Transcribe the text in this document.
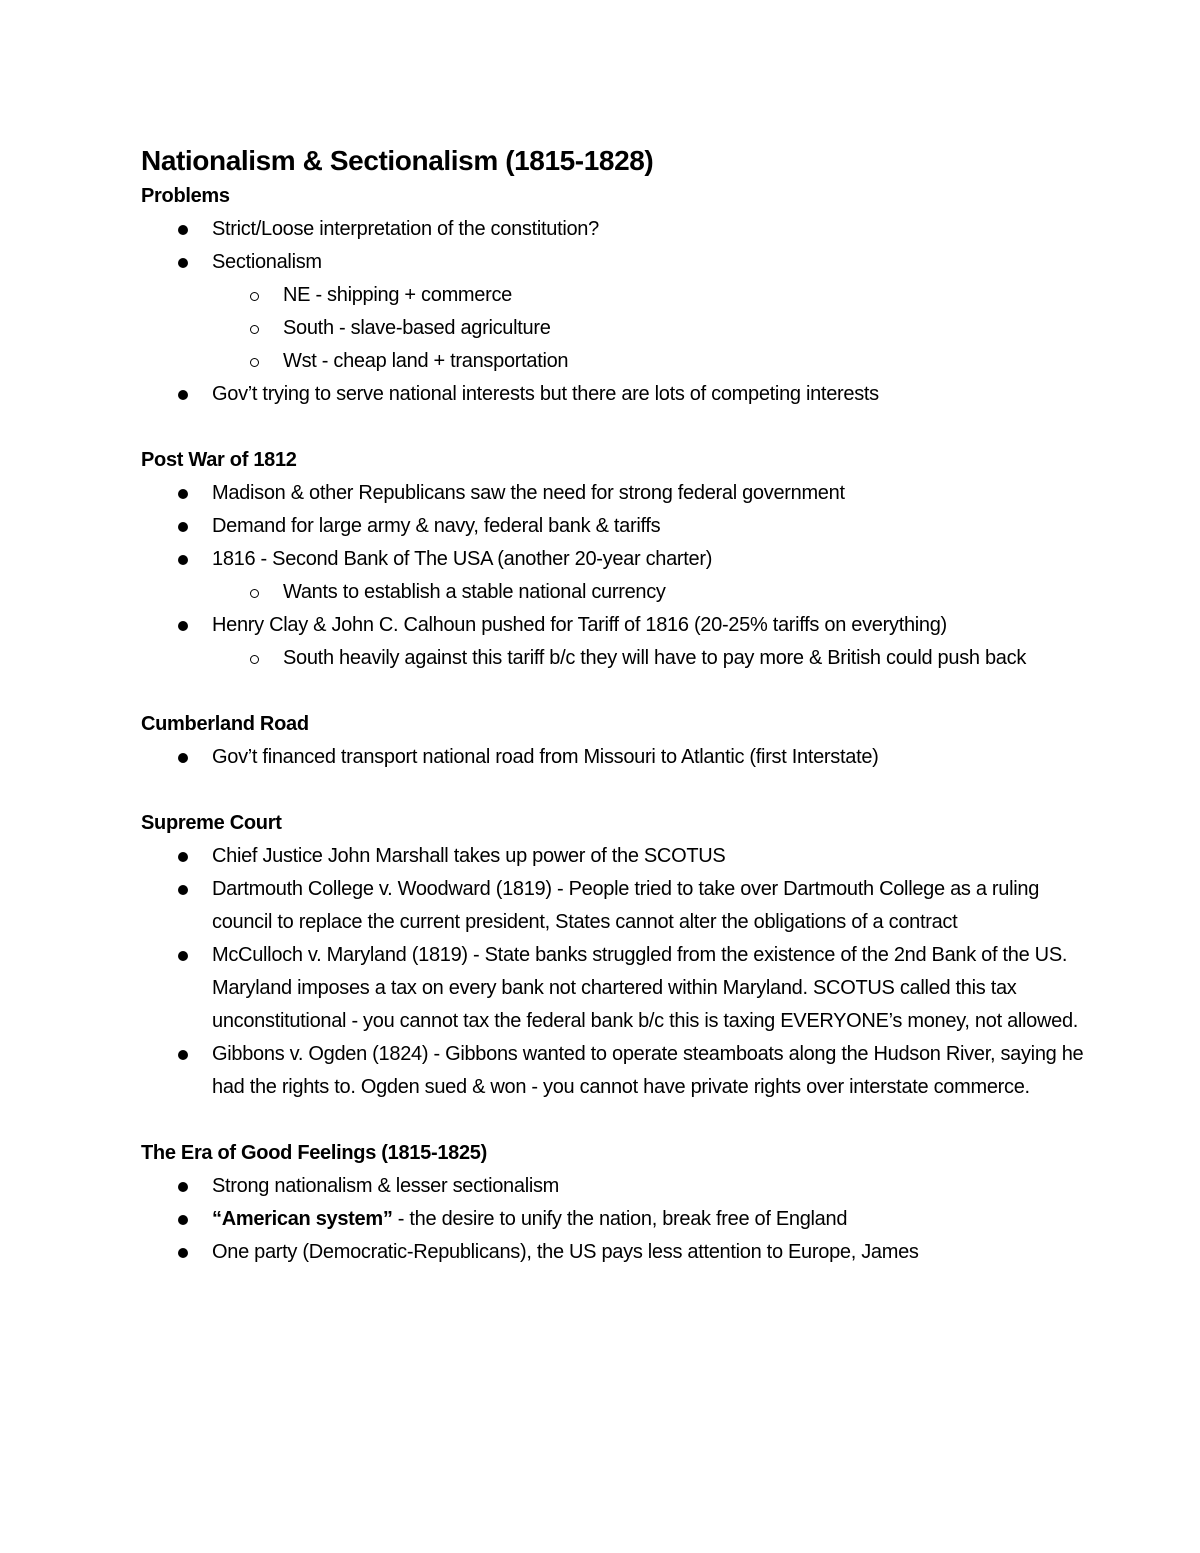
Nationalism & Sectionalism (1815-1828)
Problems
Strict/Loose interpretation of the constitution?
Sectionalism
NE - shipping + commerce
South - slave-based agriculture
Wst - cheap land + transportation
Gov’t trying to serve national interests but there are lots of competing interests
Post War of 1812
Madison & other Republicans saw the need for strong federal government
Demand for large army & navy, federal bank & tariffs
1816 - Second Bank of The USA (another 20-year charter)
Wants to establish a stable national currency
Henry Clay & John C. Calhoun pushed for Tariff of 1816 (20-25% tariffs on everything)
South heavily against this tariff b/c they will have to pay more & British could push back
Cumberland Road
Gov’t financed transport national road from Missouri to Atlantic (first Interstate)
Supreme Court
Chief Justice John Marshall takes up power of the SCOTUS
Dartmouth College v. Woodward (1819) - People tried to take over Dartmouth College as a ruling council to replace the current president, States cannot alter the obligations of a contract
McCulloch v. Maryland (1819) - State banks struggled from the existence of the 2nd Bank of the US. Maryland imposes a tax on every bank not chartered within Maryland. SCOTUS called this tax unconstitutional - you cannot tax the federal bank b/c this is taxing EVERYONE’s money, not allowed.
Gibbons v. Ogden (1824) - Gibbons wanted to operate steamboats along the Hudson River, saying he had the rights to. Ogden sued & won - you cannot have private rights over interstate commerce.
The Era of Good Feelings (1815-1825)
Strong nationalism & lesser sectionalism
“American system” - the desire to unify the nation, break free of England
One party (Democratic-Republicans), the US pays less attention to Europe, James
